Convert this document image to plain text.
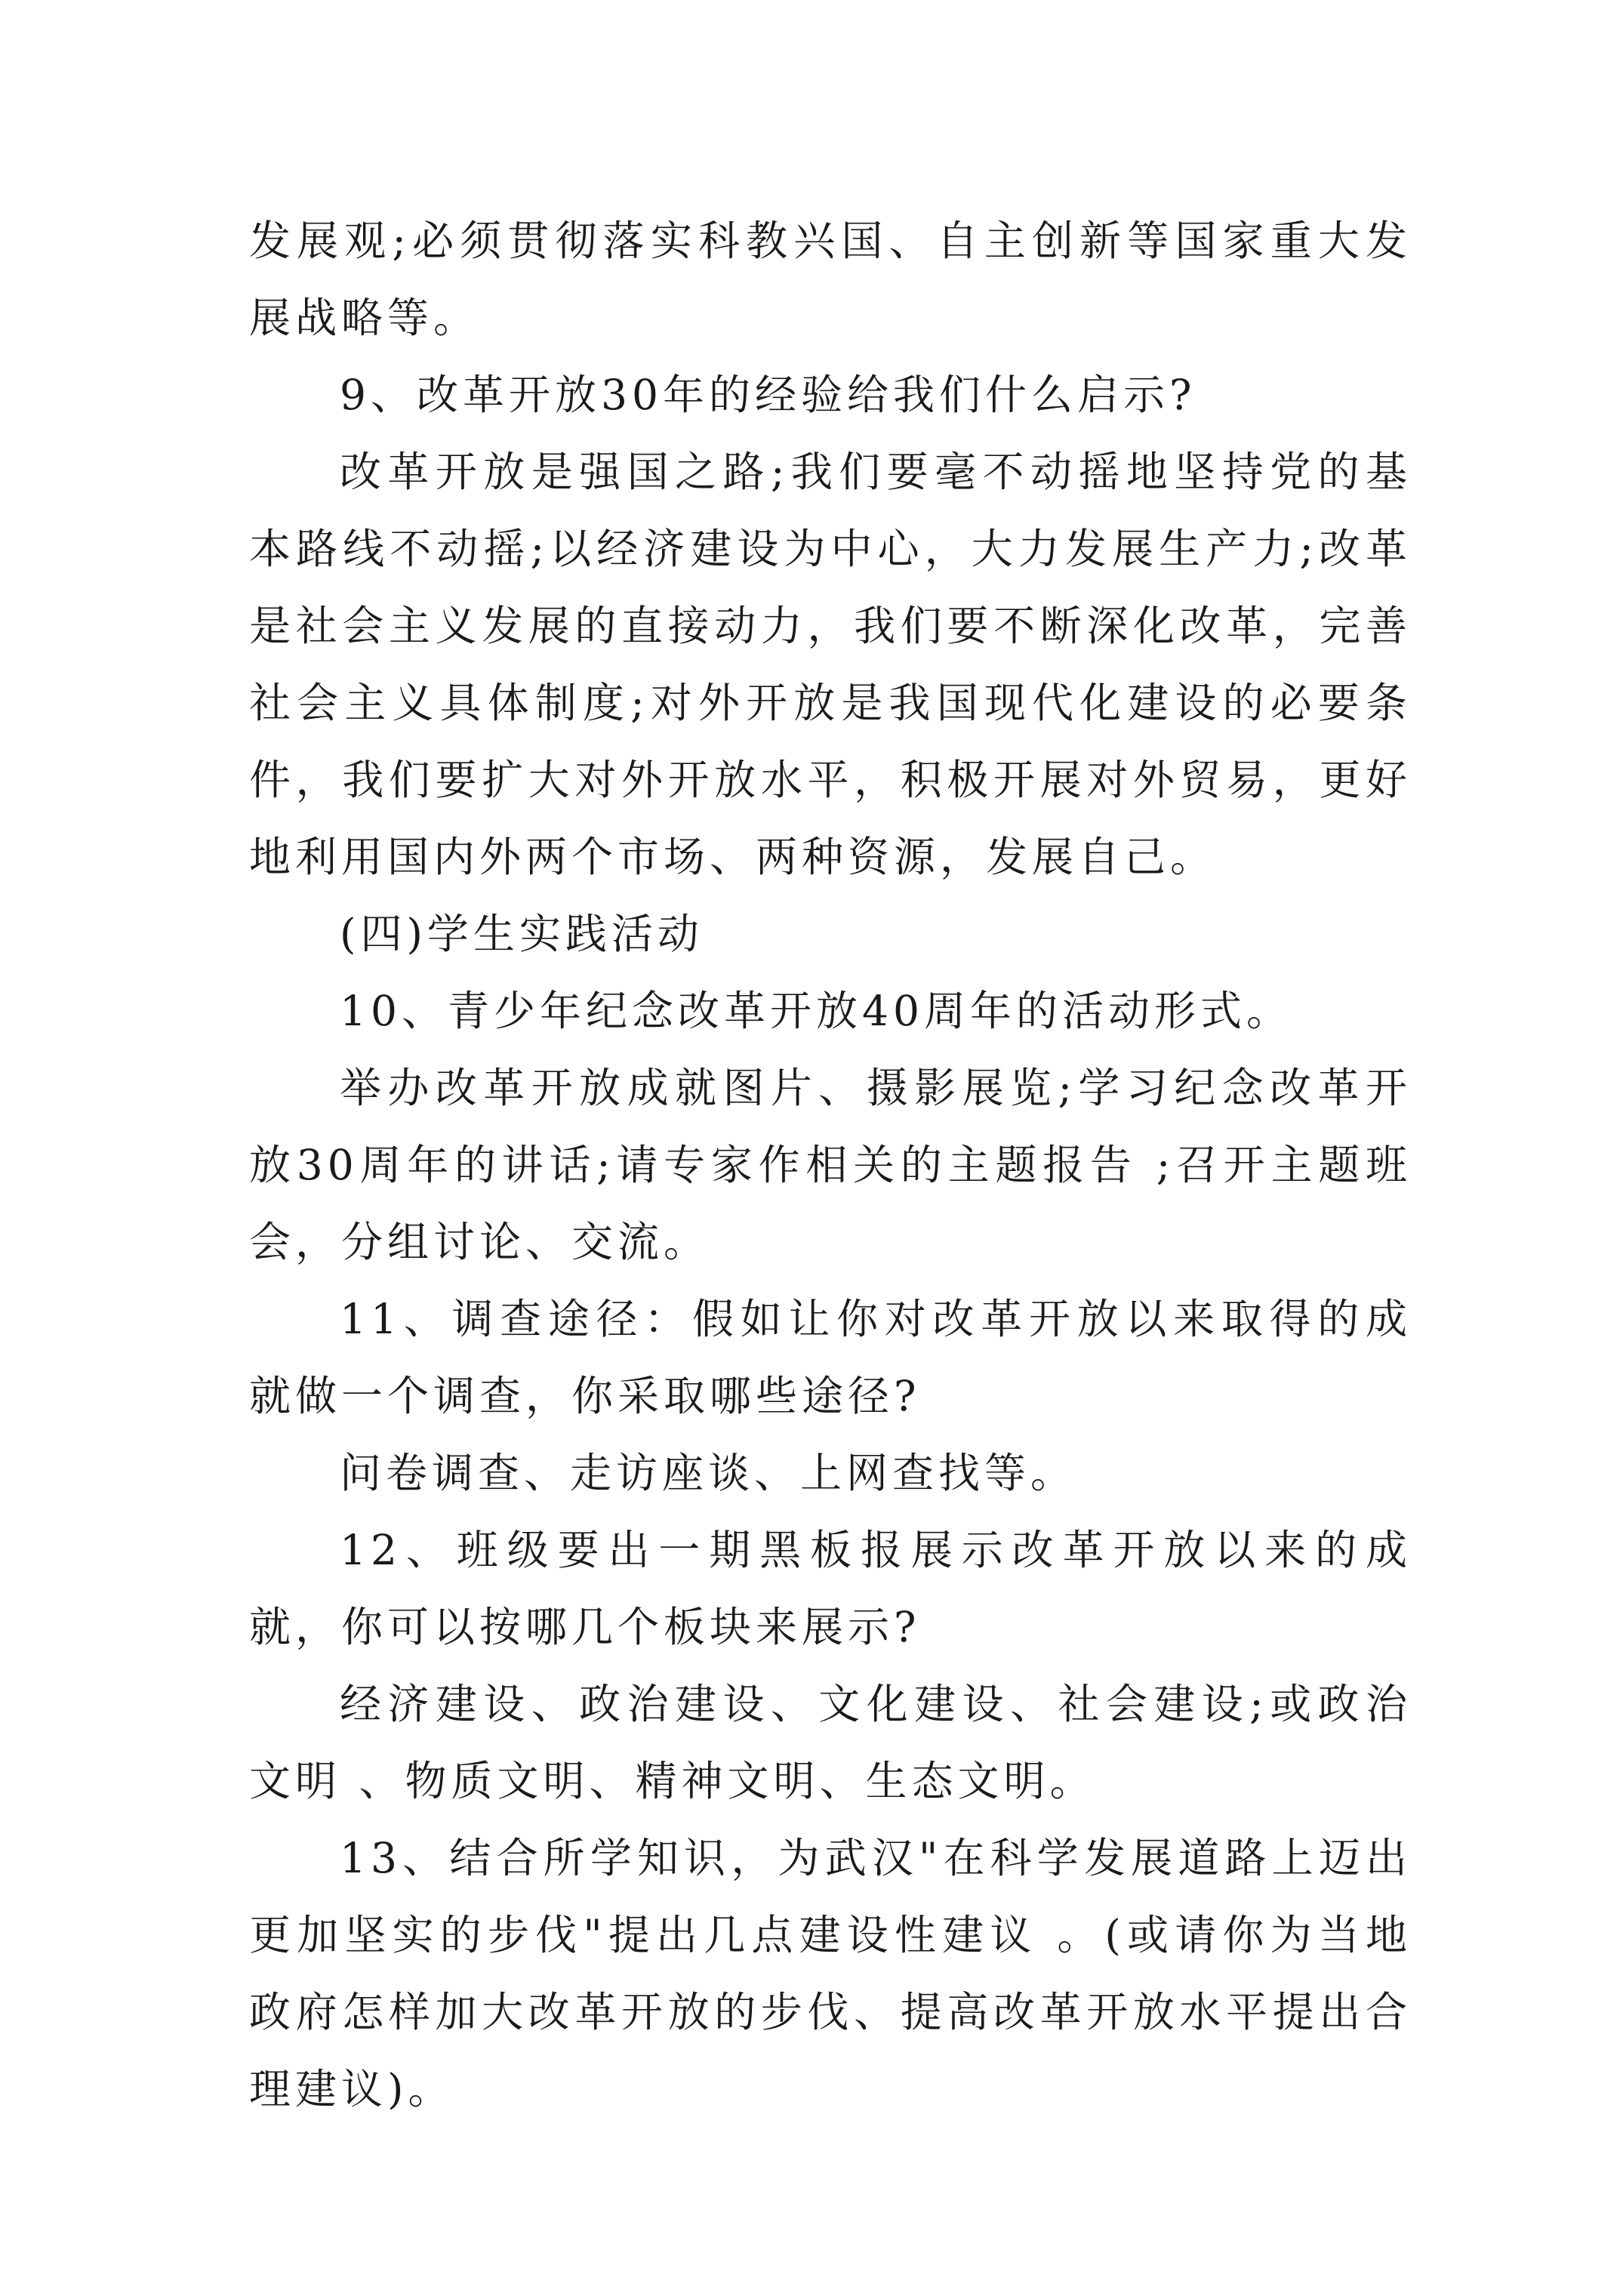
发展观;必须贯彻落实科教兴国、自主创新等国家重大发展战略等。

9、改革开放30年的经验给我们什么启示?

改革开放是强国之路;我们要毫不动摇地坚持党的基本路线不动摇;以经济建设为中心，大力发展生产力;改革是社会主义发展的直接动力，我们要不断深化改革，完善社会主义具体制度;对外开放是我国现代化建设的必要条件，我们要扩大对外开放水平，积极开展对外贸易，更好地利用国内外两个市场、两种资源，发展自己。

(四)学生实践活动

10、青少年纪念改革开放40周年的活动形式。

举办改革开放成就图片、摄影展览;学习纪念改革开放30周年的讲话;请专家作相关的主题报告 ;召开主题班会，分组讨论、交流。

11、调查途径：假如让你对改革开放以来取得的成就做一个调查，你采取哪些途径?

问卷调查、走访座谈、上网查找等。

12、班级要出一期黑板报展示改革开放以来的成就，你可以按哪几个板块来展示?

经济建设、政治建设、文化建设、社会建设;或政治文明 、物质文明、精神文明、生态文明。

13、结合所学知识，为武汉"在科学发展道路上迈出更加坚实的步伐"提出几点建设性建议 。(或请你为当地政府怎样加大改革开放的步伐、提高改革开放水平提出合理建议)。
